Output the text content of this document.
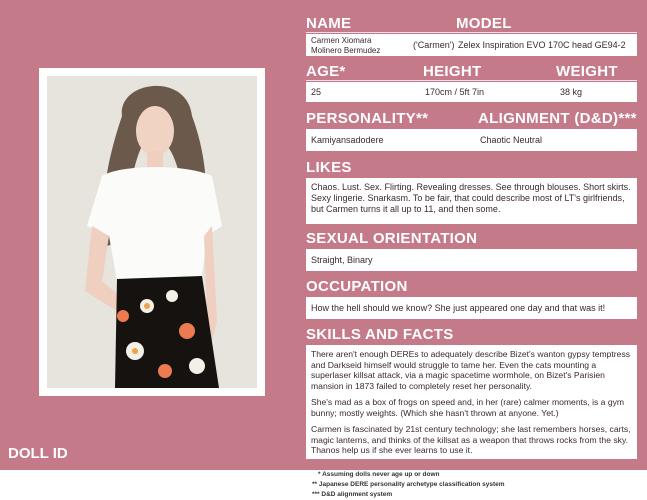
NAME	MODEL
Carmen Xiomara
Molinero Bermudez
('Carmen') Zelex Inspiration EVO 170C head GE94-2
AGE*	HEIGHT	WEIGHT
25	170cm / 5ft 7in	38 kg
PERSONALITY**	ALIGNMENT (D&D)***
Kamiyansadodere	Chaotic Neutral
LIKES
Chaos. Lust. Sex. Flirting. Revealing dresses. See through blouses. Short skirts. Sexy lingerie. Snarkasm. To be fair, that could describe most of LT's girlfriends, but Carmen turns it all up to 11, and then some.
SEXUAL ORIENTATION
Straight, Binary
OCCUPATION
How the hell should we know? She just appeared one day and that was it!
SKILLS AND FACTS

There aren't enough DEREs to adequately describe Bizet's wanton gypsy temptress and Darkseid himself would struggle to tame her. Even the cats mounting a superlaser killsat attack, via a magic spacetime wormhole, on Bizet's Parisien mansion in 1873 failed to completely reset her personality.

She's mad as a box of frogs on speed and, in her (rare) calmer moments, is a gym bunny; mostly weights. (Which she hasn't thrown at anyone. Yet.)

Carmen is fascinated by 21st century technology; she last remembers horses, carts, magic lanterns, and thinks of the killsat as a weapon that throws rocks from the sky. Thanos help us if she ever learns to use it.

DOLL ID
* Assuming dolls never age up or down
** Japanese DERE personality archetype classification system
*** D&D alignment system
